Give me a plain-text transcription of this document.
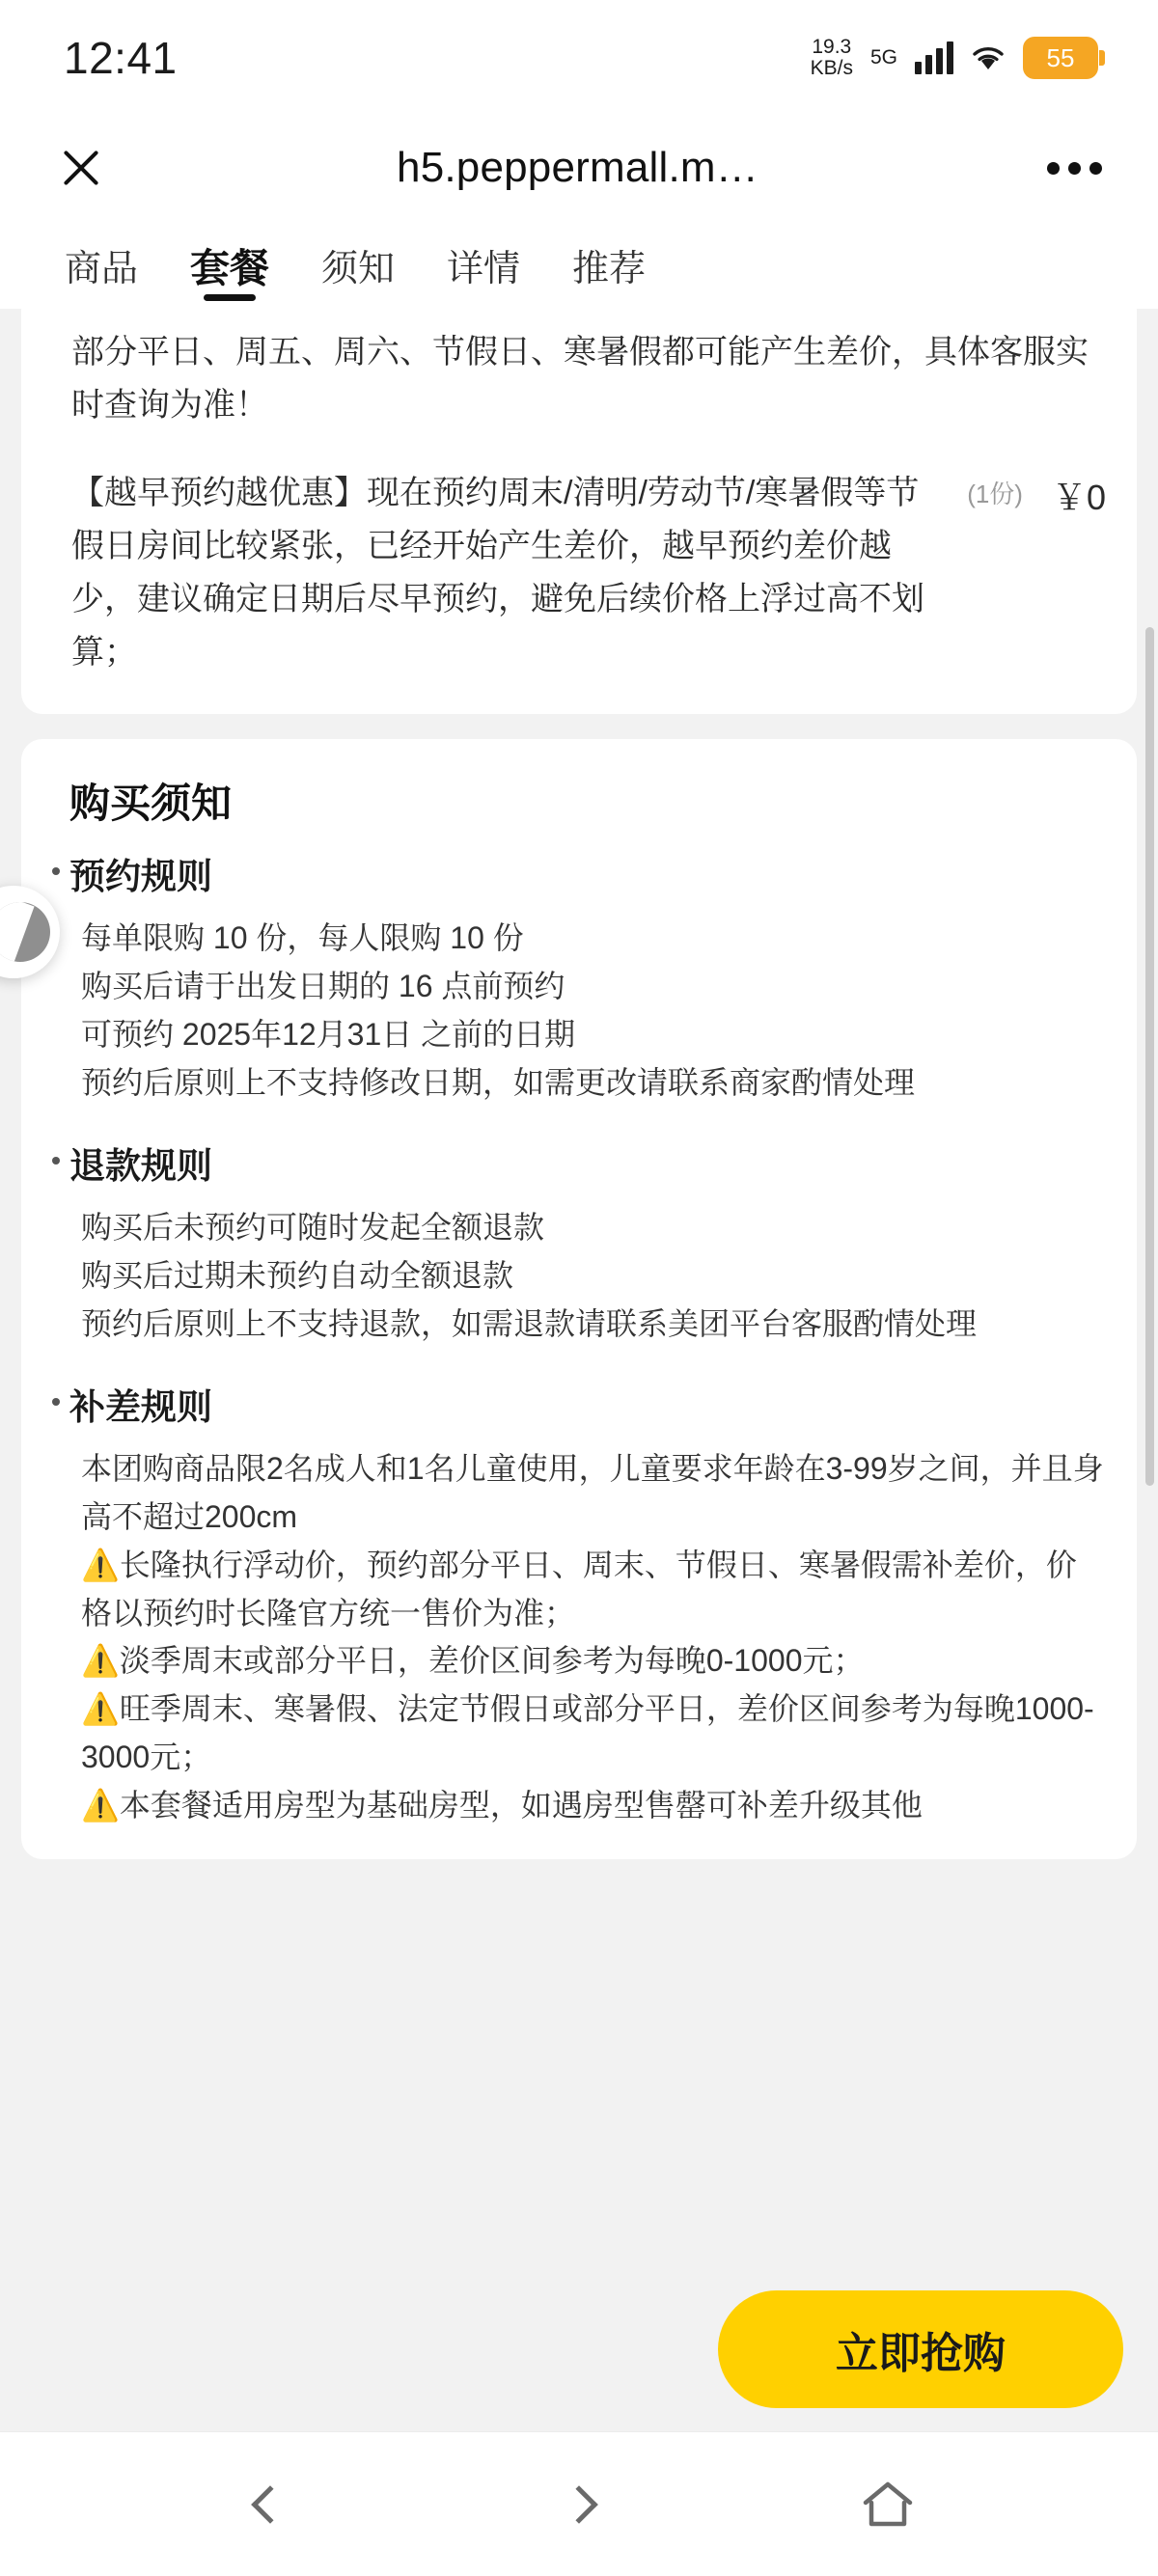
12:41	19.3
KB/s 5G	55
h5.peppermall.m…
商品 套餐 须知 详情 推荐
部分平日、周五、周六、节假日、寒暑假都可能产生差价，具体客服实时查询为准！
【越早预约越优惠】现在预约周末/清明/劳动节/寒暑假等节假日房间比较紧张，已经开始产生差价，越早预约差价越少，建议确定日期后尽早预约，避免后续价格上浮过高不划算；
(1份) ￥0
购买须知
预约规则
每单限购 10 份，每人限购 10 份
购买后请于出发日期的 16 点前预约
可预约 2025年12月31日 之前的日期
预约后原则上不支持修改日期，如需更改请联系商家酌情处理
退款规则
购买后未预约可随时发起全额退款
购买后过期未预约自动全额退款
预约后原则上不支持退款，如需退款请联系美团平台客服酌情处理
补差规则
本团购商品限2名成人和1名儿童使用，儿童要求年龄在3-99岁之间，并且身高不超过200cm
⚠️长隆执行浮动价，预约部分平日、周末、节假日、寒暑假需补差价，价格以预约时长隆官方统一售价为准；
⚠️淡季周末或部分平日，差价区间参考为每晚0-1000元；
⚠️旺季周末、寒暑假、法定节假日或部分平日，差价区间参考为每晚1000-3000元；
⚠️本套餐适用房型为基础房型，如遇房型售罄可补差升级其他
立即抢购
